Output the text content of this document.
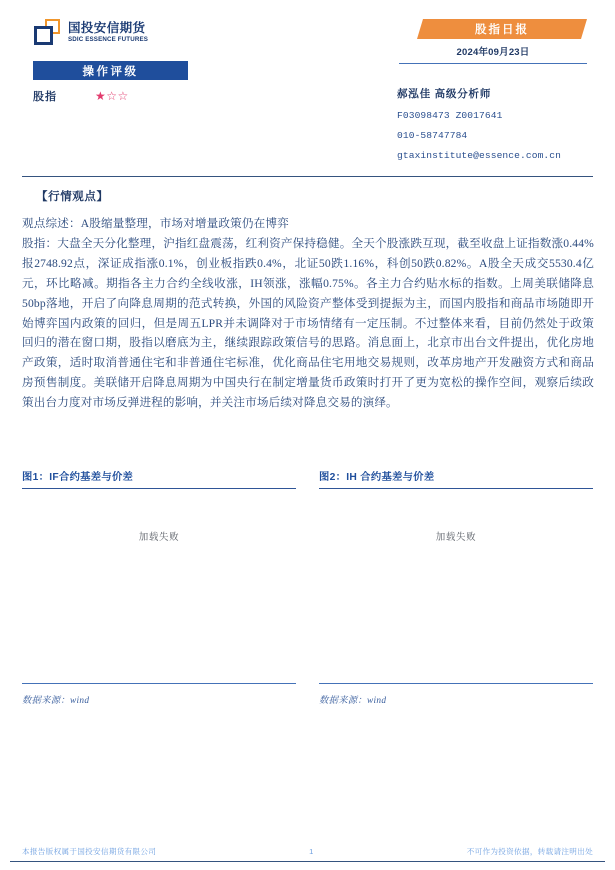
国投安信期货
SDIC ESSENCE FUTURES
操作评级
股指	★☆☆
股指日报
2024年09月23日
郝泓佳 高级分析师
F03098473 Z0017641
010-58747784
gtaxinstitute@essence.com.cn
【行情观点】

观点综述：A股缩量整理，市场对增量政策仍在博弈

股指：大盘全天分化整理，沪指红盘震荡，红利资产保持稳健。全天个股涨跌互现，截至收盘上证指数涨0.44%报2748.92点，深证成指涨0.1%，创业板指跌0.4%，北证50跌1.16%，科创50跌0.82%。A股全天成交5530.4亿元，环比略减。期指各主力合约全线收涨，IH领涨，涨幅0.75%。各主力合约贴水标的指数。上周美联储降息50bp落地，开启了向降息周期的范式转换，外国的风险资产整体受到提振为主，而国内股指和商品市场随即开始博弈国内政策的回归，但是周五LPR并未调降对于市场情绪有一定压制。不过整体来看，目前仍然处于政策回归的潜在窗口期，股指以磨底为主，继续跟踪政策信号的思路。消息面上，北京市出台文件提出，优化房地产政策，适时取消普通住宅和非普通住宅标准，优化商品住宅用地交易规则，改革房地产开发融资方式和商品房预售制度。美联储开启降息周期为中国央行在制定增量货币政策时打开了更为宽松的操作空间，观察后续政策出台力度对市场反弹进程的影响，并关注市场后续对降息交易的演绎。

图1：IF合约基差与价差
加载失败
数据来源：wind
图2：IH 合约基差与价差
加载失败
数据来源：wind
本报告版权属于国投安信期货有限公司	1	不可作为投资依据，转载请注明出处
